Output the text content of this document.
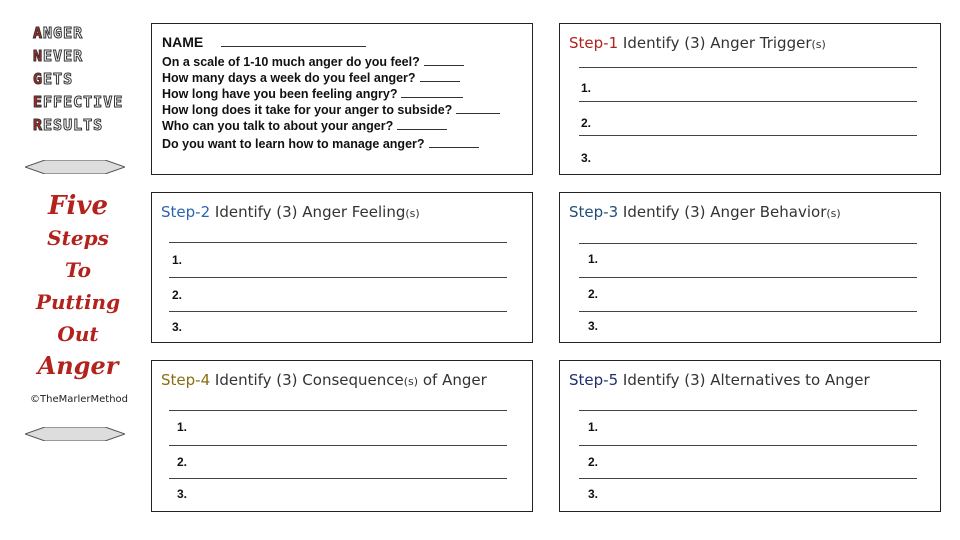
ANGER
NEVER
GETS
EFFECTIVE
RESULTS
Five
Steps
To
Putting
Out
Anger
©TheMarlerMethod
NAME
On a scale of 1-10 much anger do you feel?
How many days a week do you feel anger?
How long have you been feeling angry?
How long does it take for your anger to subside?
Who can you talk to about your anger?
Do you want to learn how to manage anger?
Step-1 Identify (3) Anger Trigger(s)
1.
2.
3.
Step-2 Identify (3) Anger Feeling(s)
1.
2.
3.
Step-3 Identify (3) Anger Behavior(s)
1.
2.
3.
Step-4 Identify (3) Consequence(s) of Anger
1.
2.
3.
Step-5 Identify (3) Alternatives to Anger
1.
2.
3.
